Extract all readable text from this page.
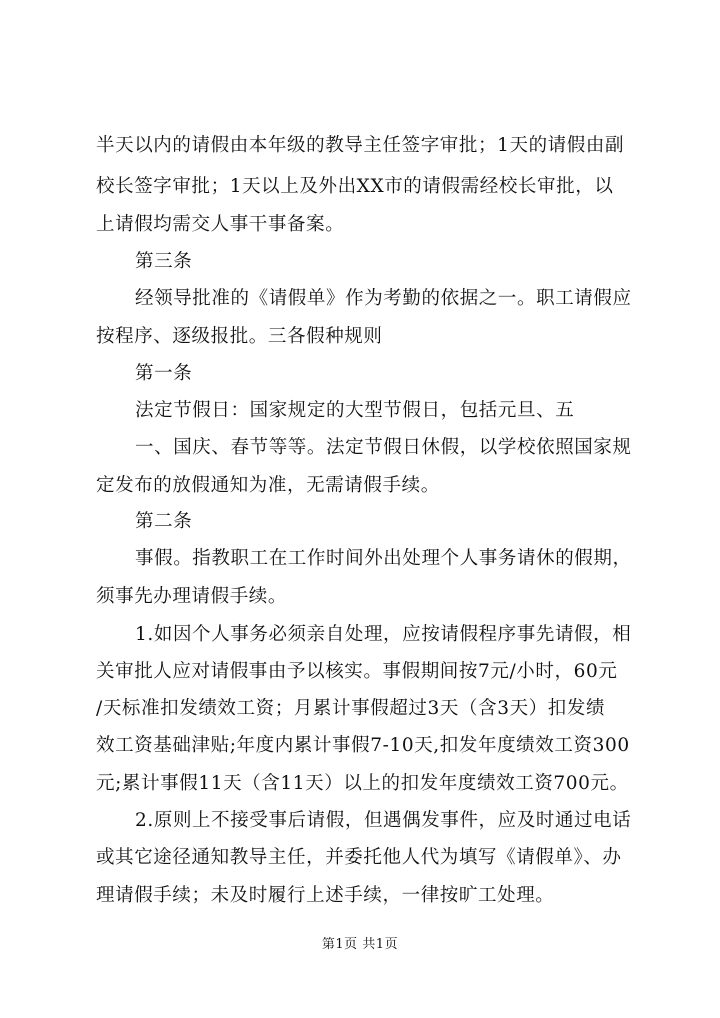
半天以内的请假由本年级的教导主任签字审批；1天的请假由副
校长签字审批；1天以上及外出XX市的请假需经校长审批，以
上请假均需交人事干事备案。
第三条
经领导批准的《请假单》作为考勤的依据之一。职工请假应
按程序、逐级报批。三各假种规则
第一条
法定节假日：国家规定的大型节假日，包括元旦、五
一、国庆、春节等等。法定节假日休假，以学校依照国家规
定发布的放假通知为准，无需请假手续。
第二条
事假。指教职工在工作时间外出处理个人事务请休的假期，
须事先办理请假手续。
1.如因个人事务必须亲自处理，应按请假程序事先请假，相
关审批人应对请假事由予以核实。事假期间按7元/小时，60元
/天标准扣发绩效工资；月累计事假超过3天（含3天）扣发绩
效工资基础津贴;年度内累计事假7-10天,扣发年度绩效工资300
元;累计事假11天（含11天）以上的扣发年度绩效工资700元。
2.原则上不接受事后请假，但遇偶发事件，应及时通过电话
或其它途径通知教导主任，并委托他人代为填写《请假单》、办
理请假手续；未及时履行上述手续，一律按旷工处理。
第1页 共1页
